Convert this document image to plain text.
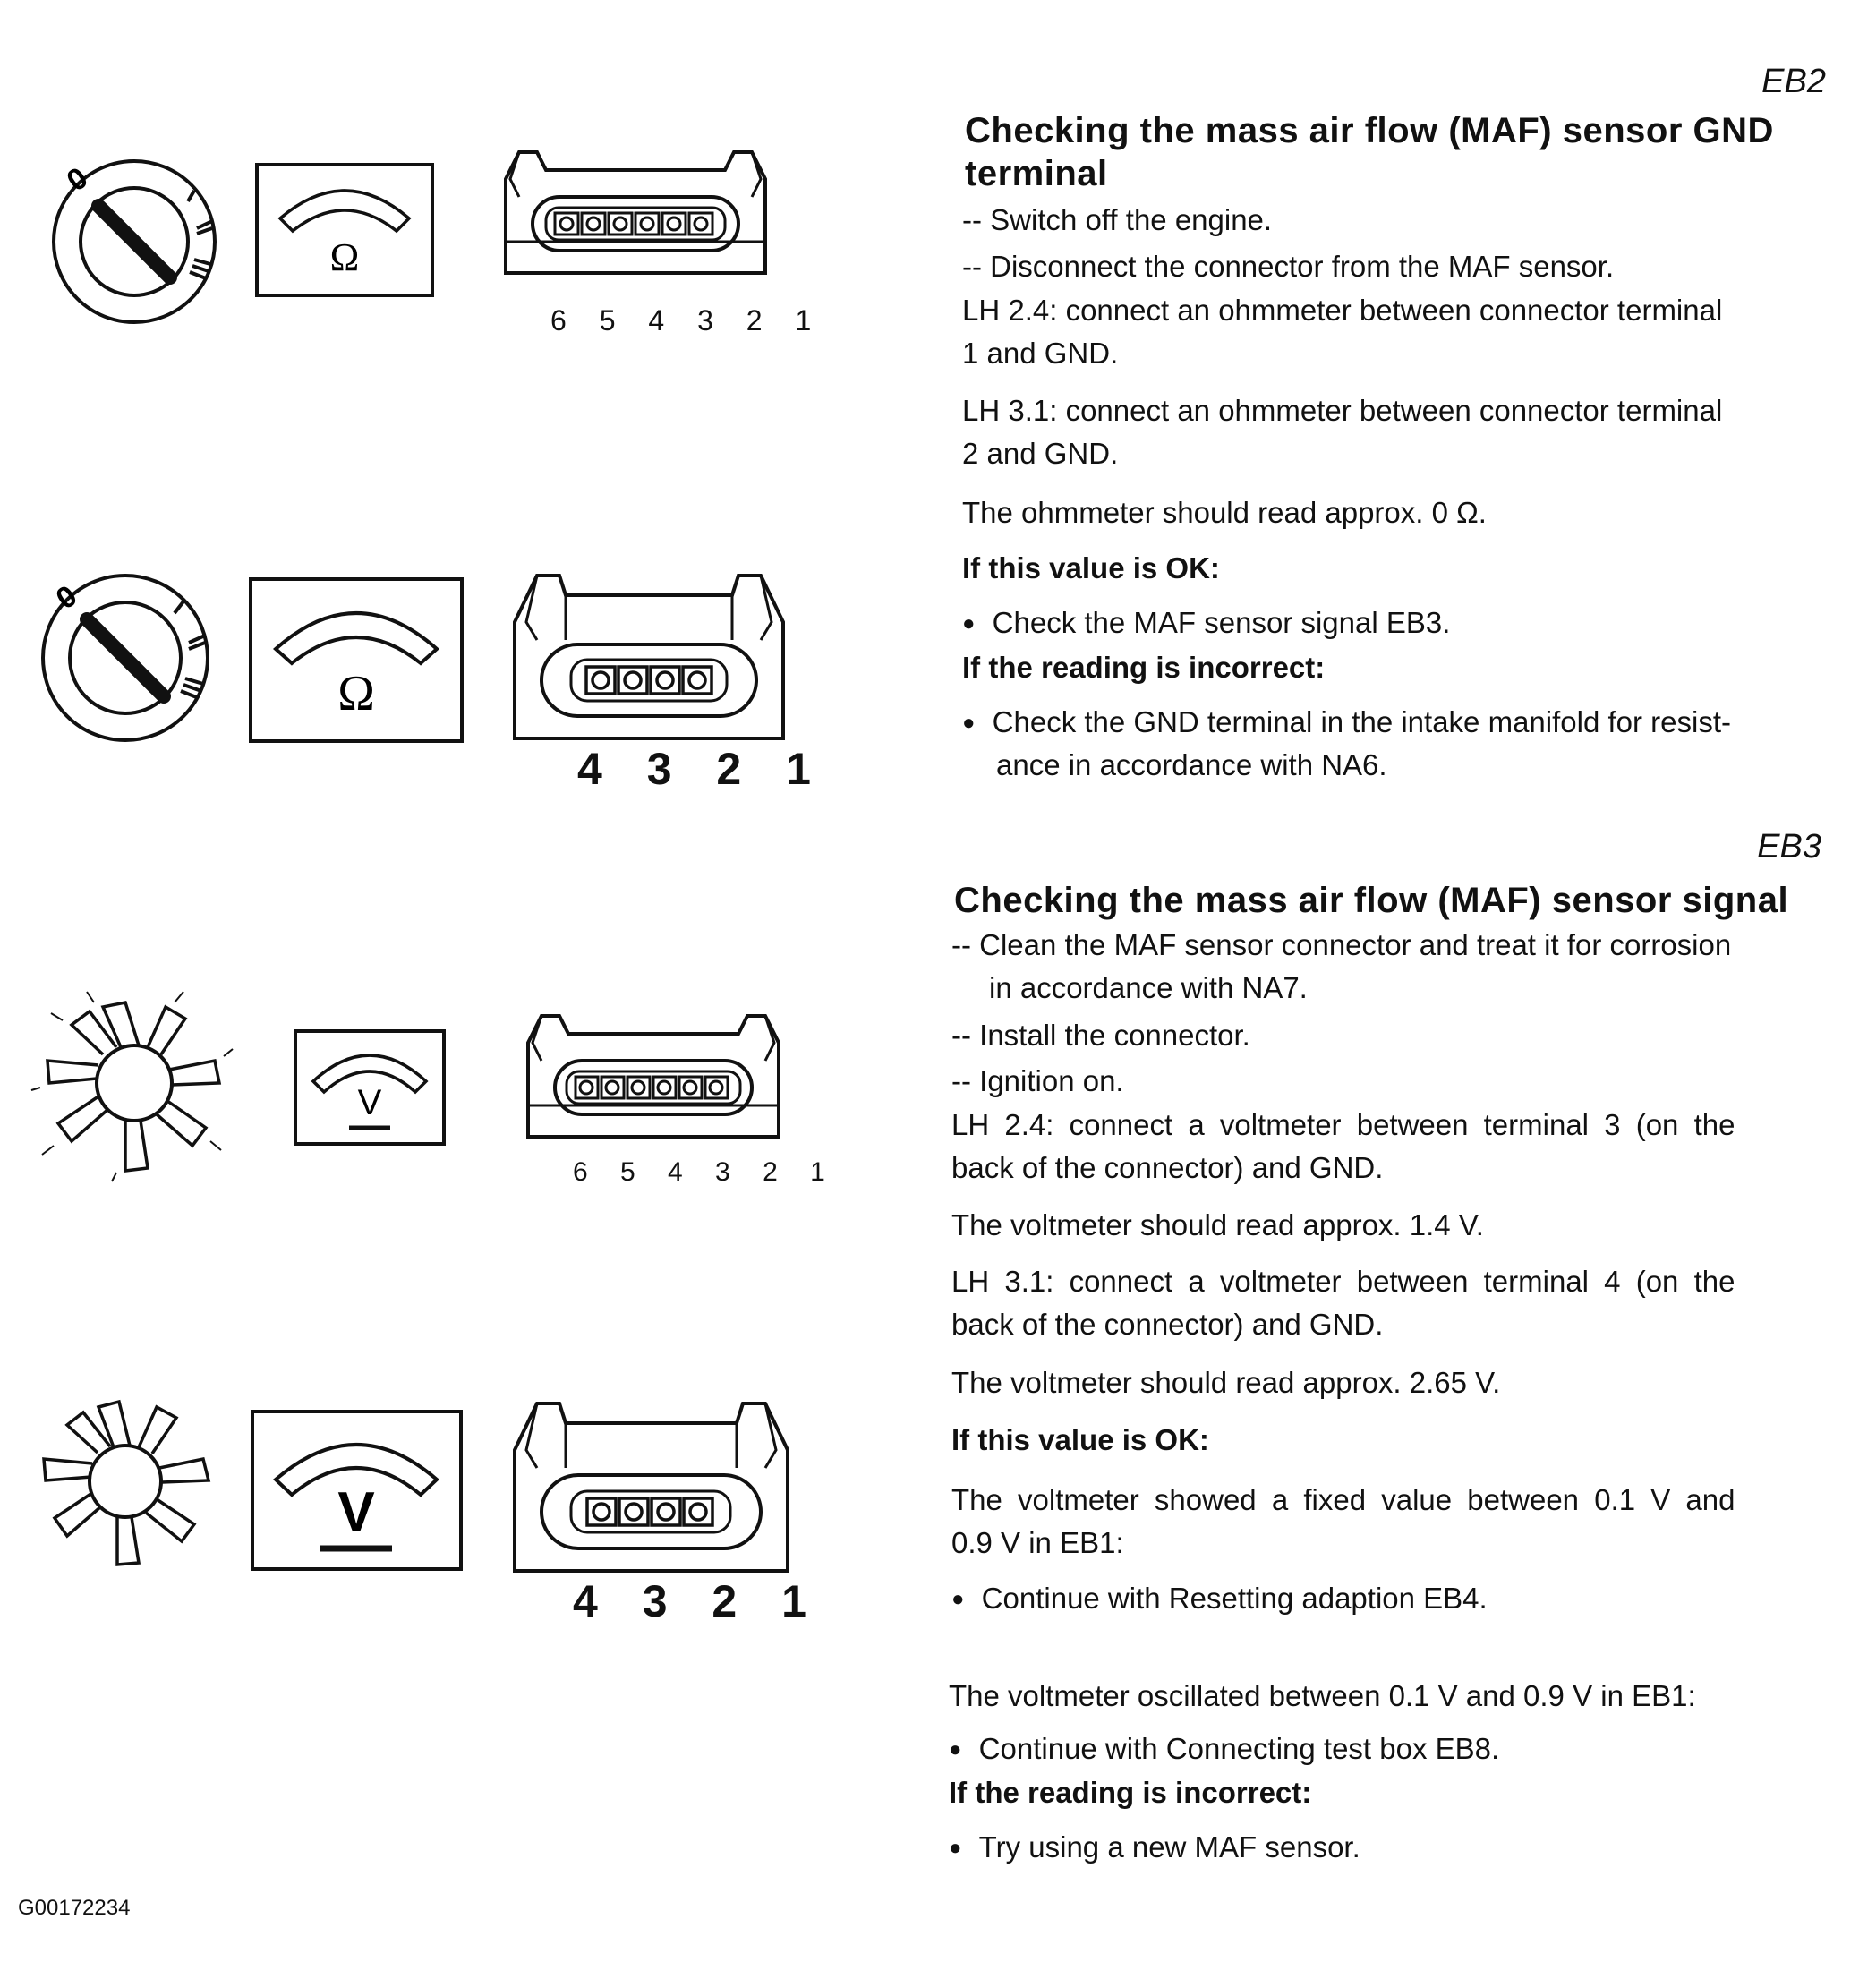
0
Ω
6 5 4 3 2 1
0
Ω
4 3 2 1
V
6 5 4 3 2 1
V
4 3 2 1
EB2
Checking the mass air flow (MAF) sensor GND
terminal
-- Switch off the engine.
-- Disconnect the connector from the MAF sensor.
LH 2.4: connect an ohmmeter between connector terminal
1 and GND.
LH 3.1: connect an ohmmeter between connector terminal
2 and GND.
The ohmmeter should read approx. 0 Ω.
If this value is OK:
● Check the MAF sensor signal EB3.
If the reading is incorrect:
● Check the GND terminal in the intake manifold for resist-
ance in accordance with NA6.
EB3
Checking the mass air flow (MAF) sensor signal
-- Clean the MAF sensor connector and treat it for corrosion
in accordance with NA7.
-- Install the connector.
-- Ignition on.
LH 2.4: connect a voltmeter between terminal 3 (on the
back of the connector) and GND.
The voltmeter should read approx. 1.4 V.
LH 3.1: connect a voltmeter between terminal 4 (on the
back of the connector) and GND.
The voltmeter should read approx. 2.65 V.
If this value is OK:
The voltmeter showed a fixed value between 0.1 V and
0.9 V in EB1:
● Continue with Resetting adaption EB4.
The voltmeter oscillated between 0.1 V and 0.9 V in EB1:
● Continue with Connecting test box EB8.
If the reading is incorrect:
● Try using a new MAF sensor.
G00172234
